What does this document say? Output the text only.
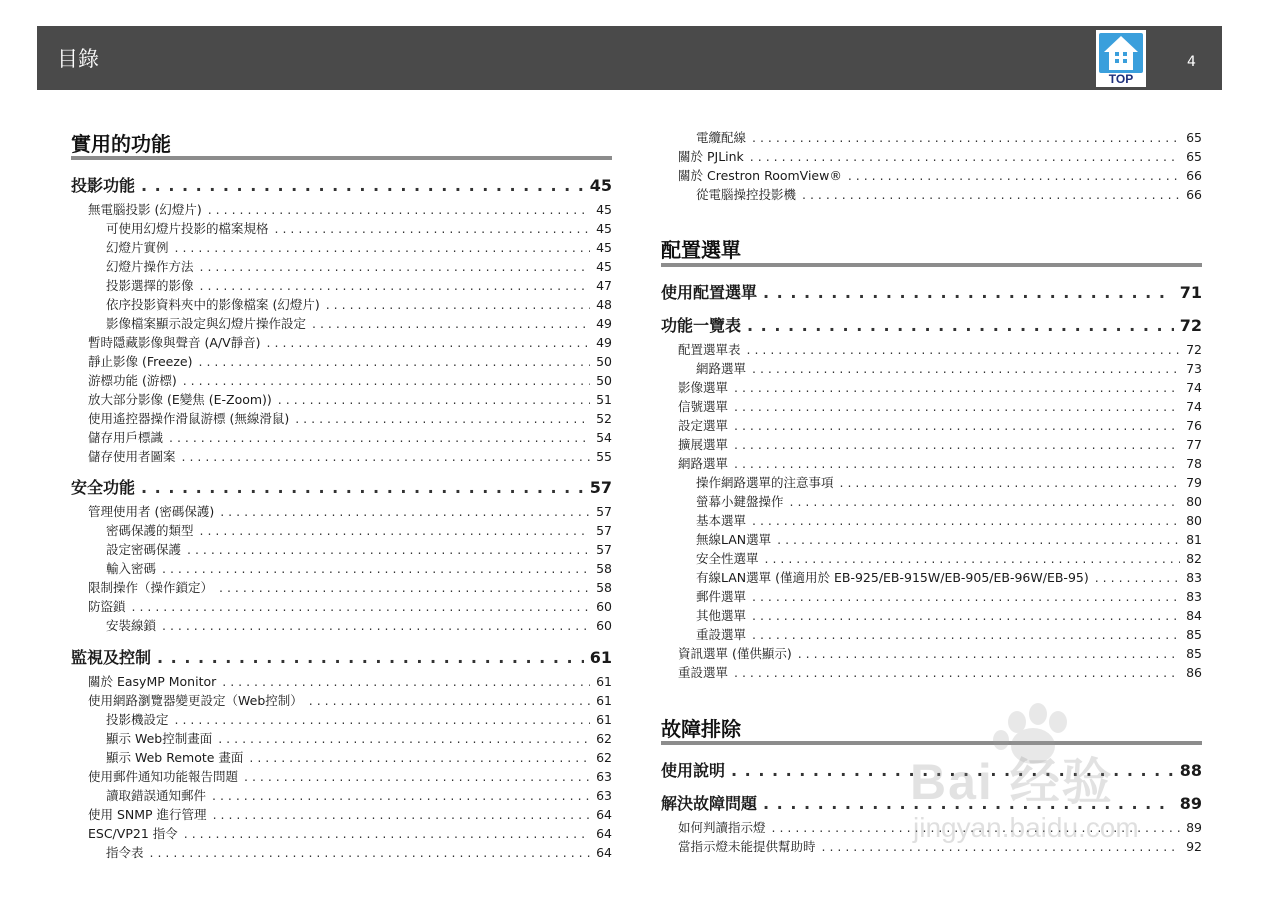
目錄
TOP
4
實用的功能
投影功能 . . .	45
無電腦投影 (幻燈片) . . .	45
可使用幻燈片投影的檔案規格 . . .	45
幻燈片實例 . . .	45
幻燈片操作方法 . . .	45
投影選擇的影像 . . .	47
依序投影資料夾中的影像檔案 (幻燈片) . . .	48
影像檔案顯示設定與幻燈片操作設定 . . .	49
暫時隱藏影像與聲音 (A/V靜音) . . .	49
靜止影像 (Freeze) . . .	50
游標功能 (游標) . . .	50
放大部分影像 (E變焦 (E-Zoom)) . . .	51
使用遙控器操作滑鼠游標 (無線滑鼠) . . .	52
儲存用戶標識 . . .	54
儲存使用者圖案 . . .	55
安全功能 . . .	57
管理使用者 (密碼保護) . . .	57
密碼保護的類型 . . .	57
設定密碼保護 . . .	57
輸入密碼 . . .	58
限制操作（操作鎖定） . . .	58
防盜鎖 . . .	60
安裝線鎖 . . .	60
監視及控制 . . .	61
關於 EasyMP Monitor . . .	61
使用網路瀏覽器變更設定（Web控制） . . .	61
投影機設定 . . .	61
顯示 Web控制畫面 . . .	62
顯示 Web Remote 畫面 . . .	62
使用郵件通知功能報告問題 . . .	63
讀取錯誤通知郵件 . . .	63
使用 SNMP 進行管理 . . .	64
ESC/VP21 指令 . . .	64
指令表 . . .	64
電纜配線 . . .	65
關於 PJLink . . .	65
關於 Crestron RoomView® . . .	66
從電腦操控投影機 . . .	66
配置選單
使用配置選單 . . .	71
功能一覽表 . . .	72
配置選單表 . . .	72
網路選單 . . .	73
影像選單 . . .	74
信號選單 . . .	74
設定選單 . . .	76
擴展選單 . . .	77
網路選單 . . .	78
操作網路選單的注意事項 . . .	79
螢幕小鍵盤操作 . . .	80
基本選單 . . .	80
無線LAN選單 . . .	81
安全性選單 . . .	82
有線LAN選單 (僅適用於 EB-925/EB-915W/EB-905/EB-96W/EB-95) . . .	83
郵件選單 . . .	83
其他選單 . . .	84
重設選單 . . .	85
資訊選單 (僅供顯示) . . .	85
重設選單 . . .	86
故障排除
使用說明 . . .	88
解決故障問題 . . .	89
如何判讀指示燈 . . .	89
當指示燈未能提供幫助時 . . .	92
Bai 经验
jingyan.baidu.com
